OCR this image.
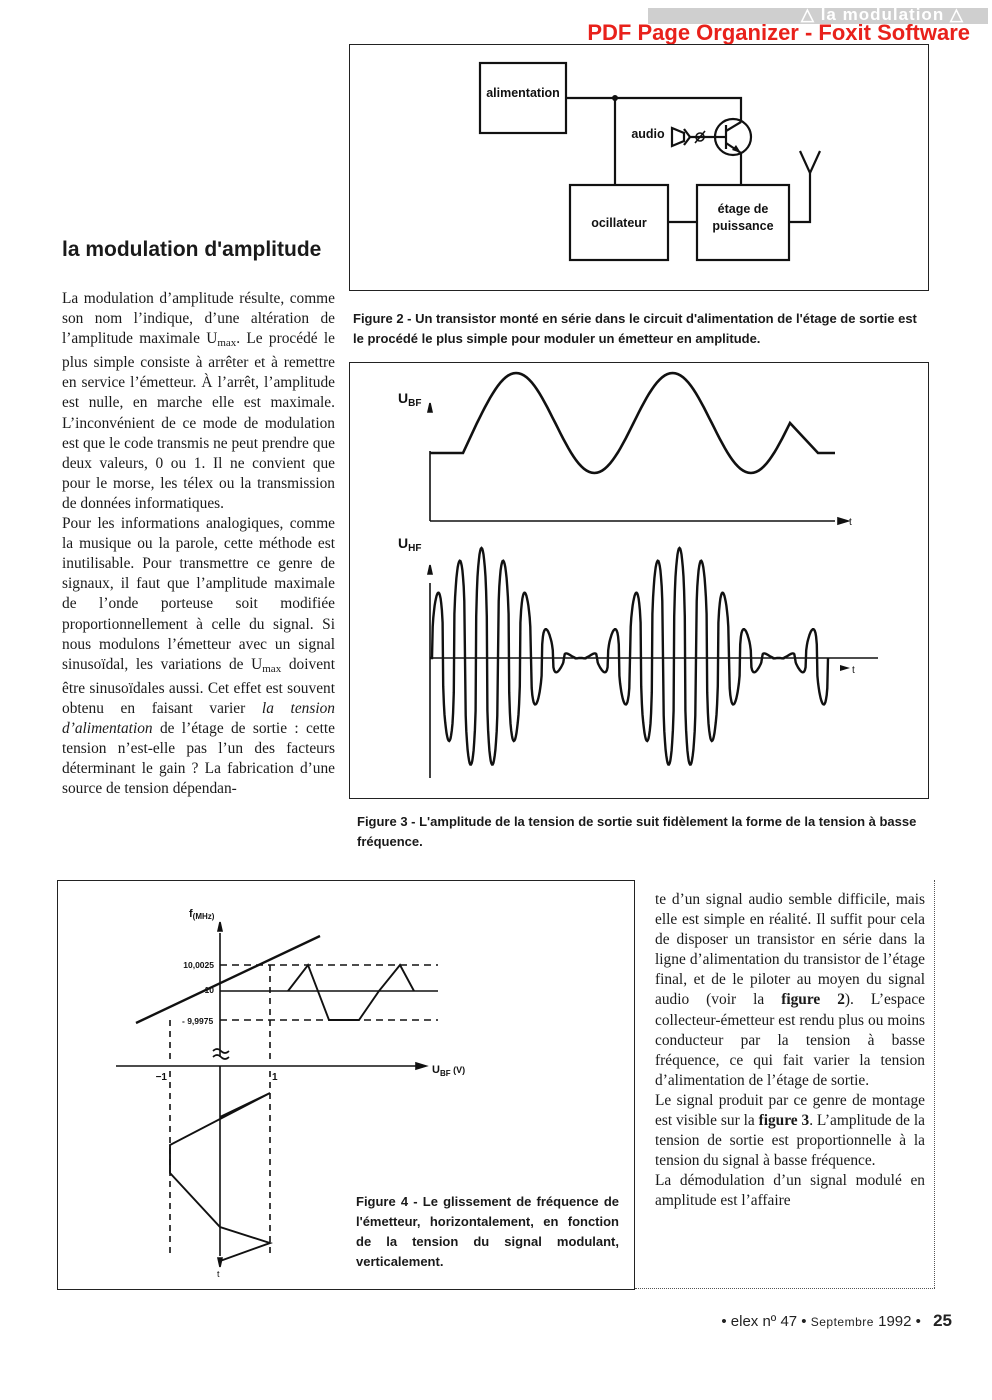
△ la modulation △
PDF Page Organizer - Foxit Software
la modulation d'amplitude

La modulation d’amplitude résulte, comme son nom l’indique, d’une altération de l’amplitude maximale $U_{max}$. Le procédé le plus simple consiste à arrêter et à remettre en service l’émetteur. À l’arrêt, l’amplitude est nulle, en marche elle est maximale. L’inconvénient de ce mode de modulation est que le code transmis ne peut prendre que deux valeurs, 0 ou 1. Il ne convient que pour le morse, les télex ou la transmission de données informatiques.

Pour les informations analogiques, comme la musique ou la parole, cette méthode est inutilisable. Pour transmettre ce genre de signaux, il faut que l’amplitude maximale de l’onde porteuse soit modifiée proportionnellement à celle du signal. Si nous modulons l’émetteur avec un signal sinusoïdal, les variations de $U_{max}$ doivent être sinusoïdales aussi. Cet effet est souvent obtenu en faisant varier la tension d’alimentation de l’étage de sortie : cette tension n’est-elle pas l’un des facteurs déterminant le gain ? La fabrication d’une source de tension dépendan-

alimentation
ocillateur
étage de
puissance
audio
Figure 2 - Un transistor monté en série dans le circuit d'alimentation de l'étage de sortie est le procédé le plus simple pour moduler un émetteur en amplitude.
$U_{BF}$
$U_{HF}$
t
t
Figure 3 - L'amplitude de la tension de sortie suit fidèlement la forme de la tension à basse fréquence.
f(MHz)
10,0025
10
- 9,9975
−1	1
$U_{BF}$ $^{(V)}$
t
Figure 4 - Le glissement de fréquence de l'émetteur, horizontalement, en fonction de la tension du signal modulant, verticalement.

te d’un signal audio semble difficile, mais elle est simple en réalité. Il suffit pour cela de disposer un transistor en série dans la ligne d’alimentation du transistor de l’étage final, et de le piloter au moyen du signal audio (voir la figure 2). L’espace collecteur-émetteur est rendu plus ou moins conducteur par la tension à basse fréquence, ce qui fait varier la tension d’alimentation de l’étage de sortie.

Le signal produit par ce genre de montage est visible sur la figure 3. L’amplitude de la tension de sortie est proportionnelle à la tension du signal à basse fréquence.

La démodulation d’un signal modulé en amplitude est l’affaire

• elex nº 47 • Septembre 1992 • 25
